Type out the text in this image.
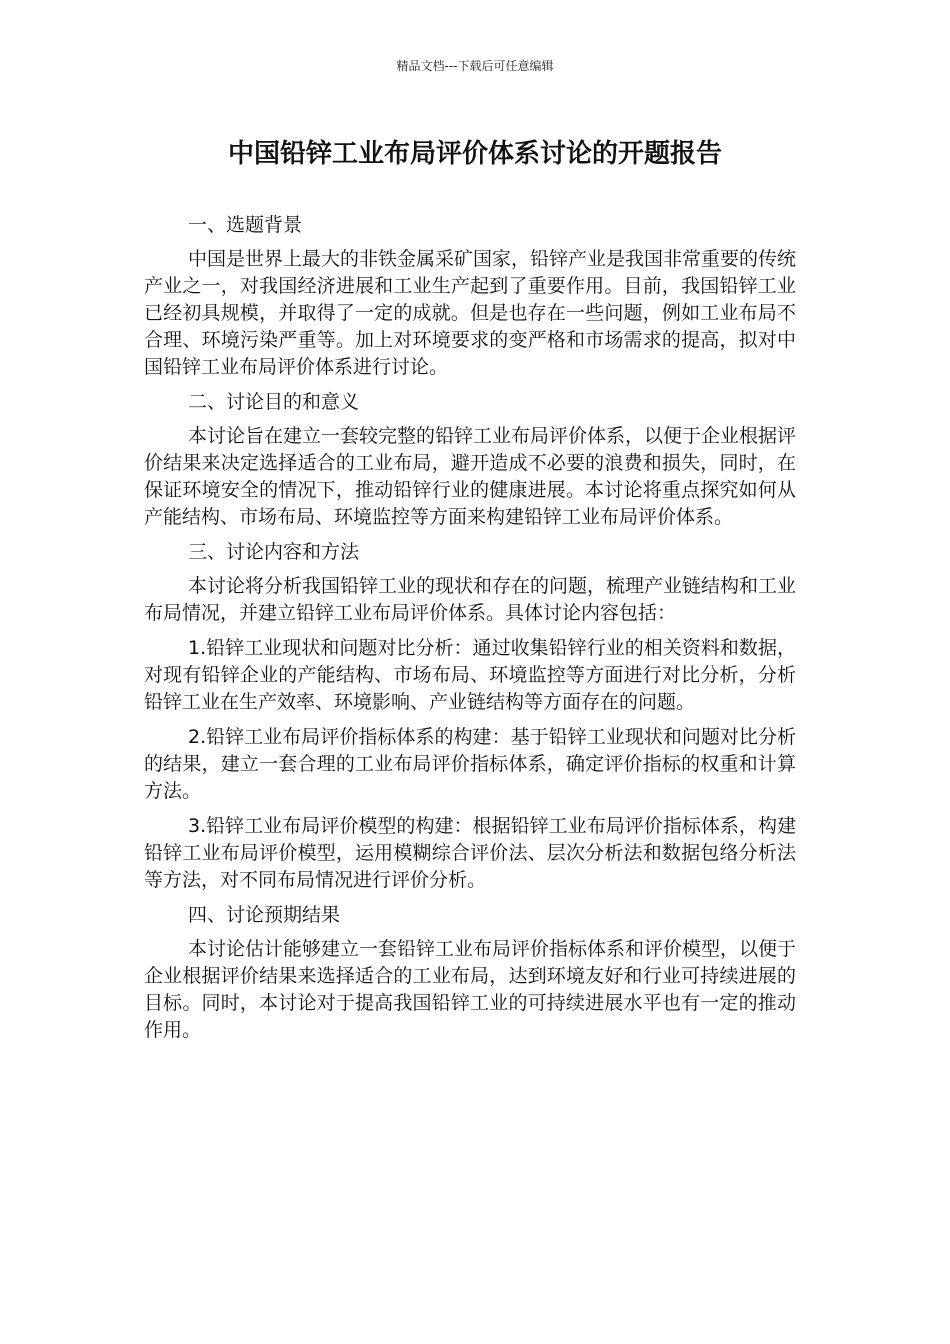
精品文档---下载后可任意编辑
中国铅锌工业布局评价体系讨论的开题报告

一、选题背景

中国是世界上最大的非铁金属采矿国家，铅锌产业是我国非常重要的传统产业之一，对我国经济进展和工业生产起到了重要作用。目前，我国铅锌工业已经初具规模，并取得了一定的成就。但是也存在一些问题，例如工业布局不合理、环境污染严重等。加上对环境要求的变严格和市场需求的提高，拟对中国铅锌工业布局评价体系进行讨论。

二、讨论目的和意义

本讨论旨在建立一套较完整的铅锌工业布局评价体系，以便于企业根据评价结果来决定选择适合的工业布局，避开造成不必要的浪费和损失，同时，在保证环境安全的情况下，推动铅锌行业的健康进展。本讨论将重点探究如何从产能结构、市场布局、环境监控等方面来构建铅锌工业布局评价体系。

三、讨论内容和方法

本讨论将分析我国铅锌工业的现状和存在的问题，梳理产业链结构和工业布局情况，并建立铅锌工业布局评价体系。具体讨论内容包括：

1.铅锌工业现状和问题对比分析：通过收集铅锌行业的相关资料和数据，对现有铅锌企业的产能结构、市场布局、环境监控等方面进行对比分析，分析铅锌工业在生产效率、环境影响、产业链结构等方面存在的问题。

2.铅锌工业布局评价指标体系的构建：基于铅锌工业现状和问题对比分析的结果，建立一套合理的工业布局评价指标体系，确定评价指标的权重和计算方法。

3.铅锌工业布局评价模型的构建：根据铅锌工业布局评价指标体系，构建铅锌工业布局评价模型，运用模糊综合评价法、层次分析法和数据包络分析法等方法，对不同布局情况进行评价分析。

四、讨论预期结果

本讨论估计能够建立一套铅锌工业布局评价指标体系和评价模型，以便于企业根据评价结果来选择适合的工业布局，达到环境友好和行业可持续进展的目标。同时，本讨论对于提高我国铅锌工业的可持续进展水平也有一定的推动作用。
